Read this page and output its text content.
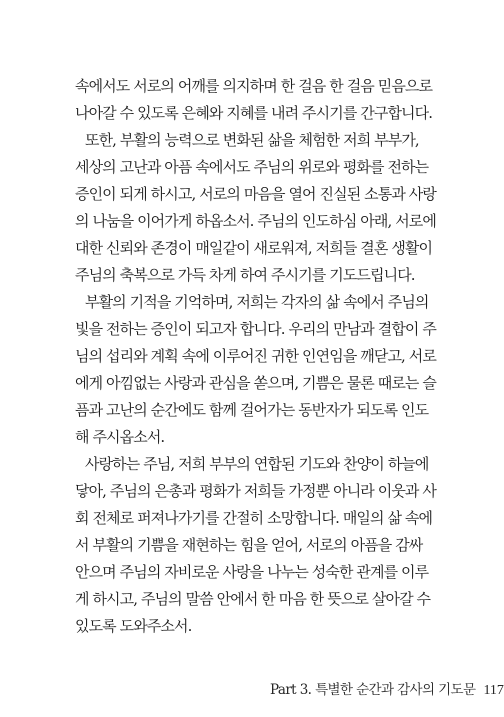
속에서도 서로의 어깨를 의지하며 한 걸음 한 걸음 믿음으로
나아갈 수 있도록 은혜와 지혜를 내려 주시기를 간구합니다.
또한, 부활의 능력으로 변화된 삶을 체험한 저희 부부가,
세상의 고난과 아픔 속에서도 주님의 위로와 평화를 전하는
증인이 되게 하시고, 서로의 마음을 열어 진실된 소통과 사랑
의 나눔을 이어가게 하옵소서. 주님의 인도하심 아래, 서로에
대한 신뢰와 존경이 매일같이 새로워져, 저희들 결혼 생활이
주님의 축복으로 가득 차게 하여 주시기를 기도드립니다.
부활의 기적을 기억하며, 저희는 각자의 삶 속에서 주님의
빛을 전하는 증인이 되고자 합니다. 우리의 만남과 결합이 주
님의 섭리와 계획 속에 이루어진 귀한 인연임을 깨닫고, 서로
에게 아낌없는 사랑과 관심을 쏟으며, 기쁨은 물론 때로는 슬
픔과 고난의 순간에도 함께 걸어가는 동반자가 되도록 인도
해 주시옵소서.
사랑하는 주님, 저희 부부의 연합된 기도와 찬양이 하늘에
닿아, 주님의 은총과 평화가 저희들 가정뿐 아니라 이웃과 사
회 전체로 퍼져나가기를 간절히 소망합니다. 매일의 삶 속에
서 부활의 기쁨을 재현하는 힘을 얻어, 서로의 아픔을 감싸
안으며 주님의 자비로운 사랑을 나누는 성숙한 관계를 이루
게 하시고, 주님의 말씀 안에서 한 마음 한 뜻으로 살아갈 수
있도록 도와주소서.
Part 3. 특별한 순간과 감사의 기도문 117
